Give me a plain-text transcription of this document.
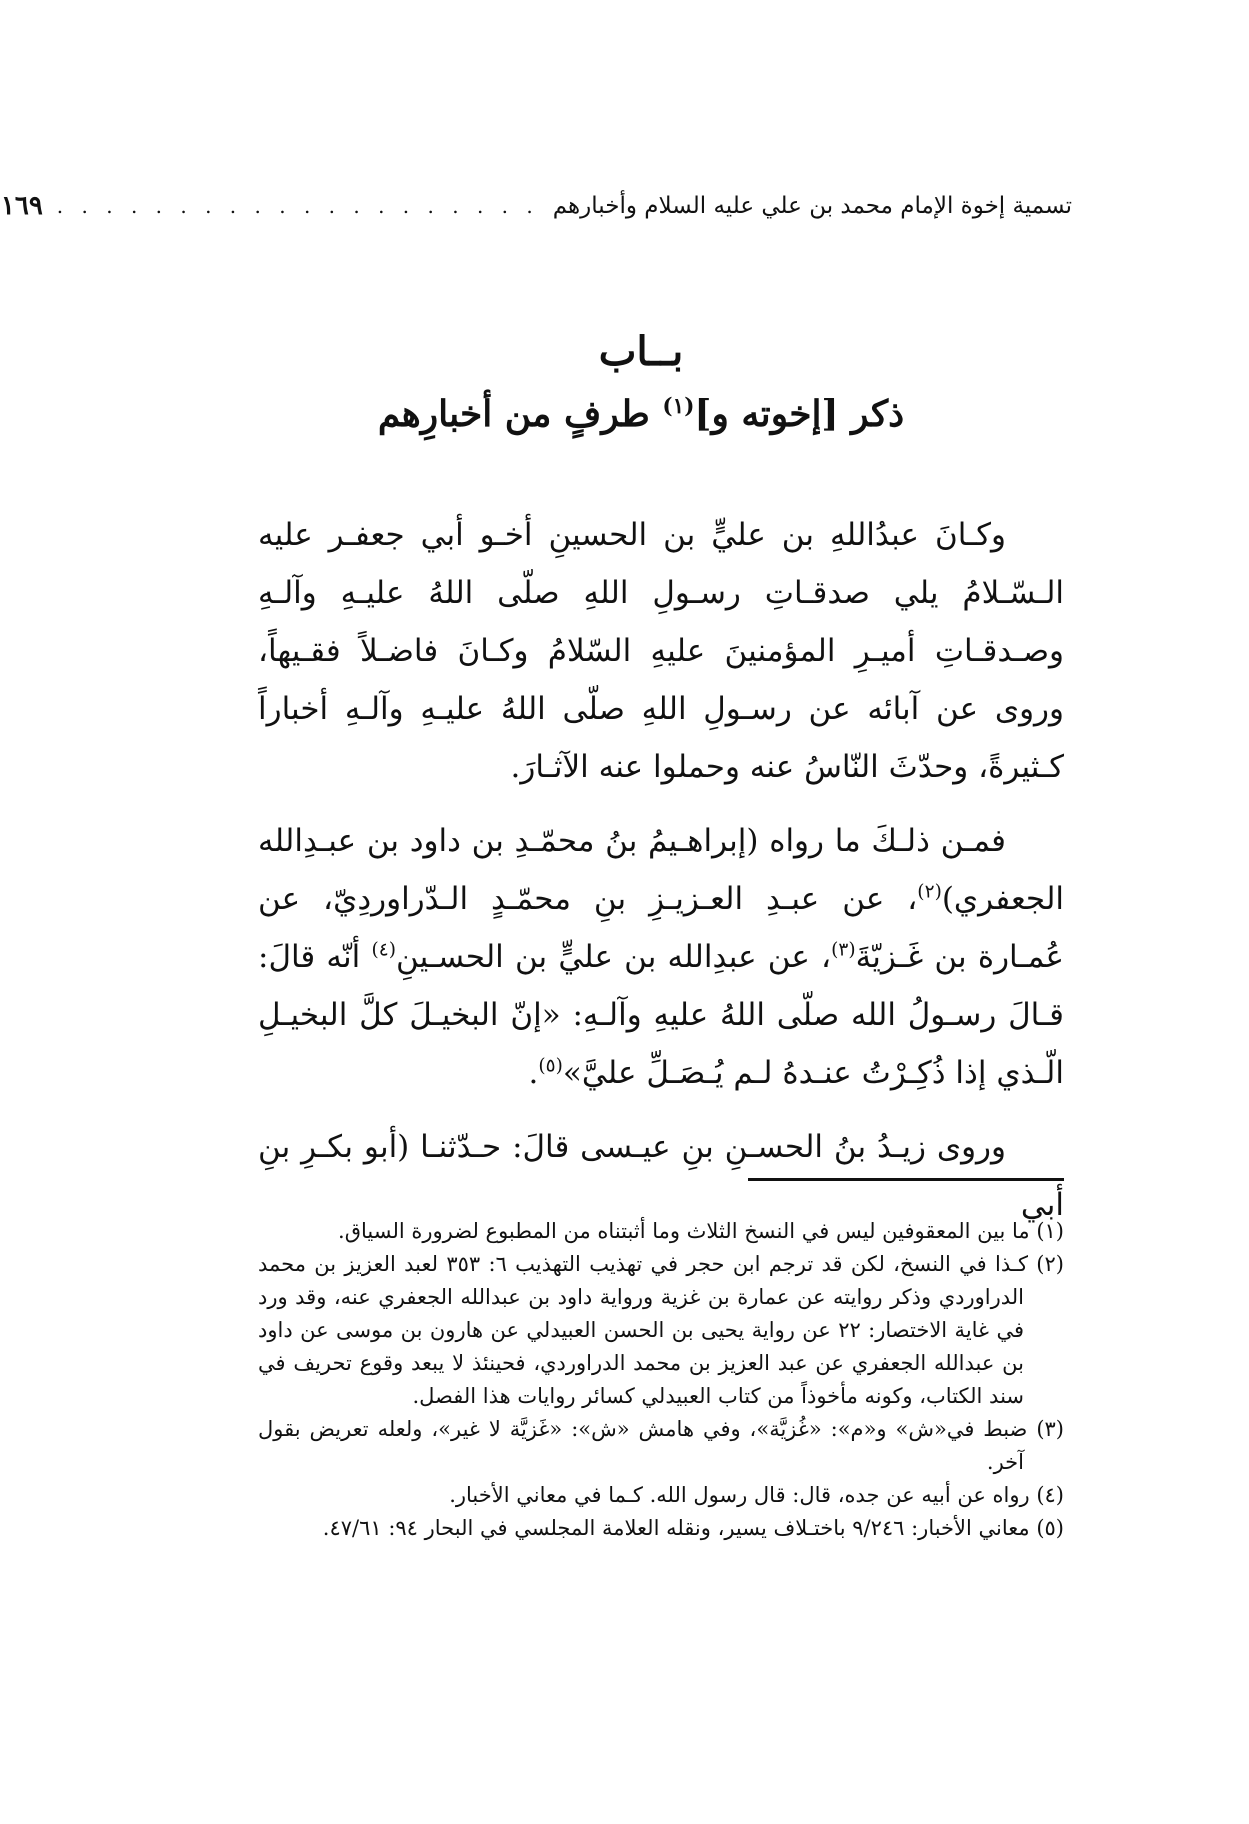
تسمية إخوة الإمام محمد بن علي عليه السلام وأخبارهم
. . . . . . . . . . . . . . . . . . . .
١٦٩
بــاب
ذكر [إخوته و]$^{(١)}$ طرفٍ من أخبارِهم

وكـانَ عبدُاللهِ بن عليٍّ بن الحسينِ أخـو أبي جعفـر عليه الـسّـلامُ يلي صدقـاتِ رسـولِ اللهِ صلّى اللهُ عليـهِ وآلـهِ وصـدقـاتِ أميـرِ المؤمنينَ عليهِ السّلامُ وكـانَ فاضـلاً فقـيهاً، وروى عن آبائه عن رسـولِ اللهِ صلّى اللهُ عليـهِ وآلـهِ أخباراً كـثيرةً، وحدّثَ النّاسُ عنه وحملوا عنه الآثـارَ.

فمـن ذلـكَ ما رواه (إبراهـيمُ بنُ محمّـدِ بن داود بن عبـدِالله الجعفري)$^{(٢)}$، عن عبـدِ العـزيـزِ بنِ محمّـدٍ الـدّراوردِيّ، عن عُمـارة بن غَـزيّةَ$^{(٣)}$، عن عبدِالله بن عليٍّ بن الحسـينِ$^{(٤)}$ أنّه قالَ: قـالَ رسـولُ الله صلّى اللهُ عليهِ وآلـهِ: «إنّ البخيـلَ كلَّ البخيـلِ الّـذي إذا ذُكِـرْتُ عنـدهُ لـم يُـصَـلِّ عليَّ»$^{(٥)}$.

وروى زيـدُ بنُ الحسـنِ بنِ عيـسى قالَ: حـدّثنـا (أبو بكـرِ بنِ أبي

(١) ما بين المعقوفين ليس في النسخ الثلاث وما أثبتناه من المطبوع لضرورة السياق.

(٢) كـذا في النسخ، لكن قد ترجم ابن حجر في تهذيب التهذيب ٦: ٣٥٣ لعبد العزيز بن محمد الدراوردي وذكر روايته عن عمارة بن غزية ورواية داود بن عبدالله الجعفري عنه، وقد ورد في غاية الاختصار: ٢٢ عن رواية يحيى بن الحسن العبيدلي عن هارون بن موسى عن داود بن عبدالله الجعفري عن عبد العزيز بن محمد الدراوردي، فحينئذ لا يبعد وقوع تحريف في سند الكتاب، وكونه مأخوذاً من كتاب العبيدلي كسائر روايات هذا الفصل.

(٣) ضبط في«ش» و«م»: «غُزيَّة»، وفي هامش «ش»: «غَزيَّة لا غير»، ولعله تعريض بقول آخر.

(٤) رواه عن أبيه عن جده، قال: قال رسول الله. كـما في معاني الأخبار.

(٥) معاني الأخبار: ٩/٢٤٦ باختـلاف يسير، ونقله العلامة المجلسي في البحار ٩٤: ٤٧/٦١.
